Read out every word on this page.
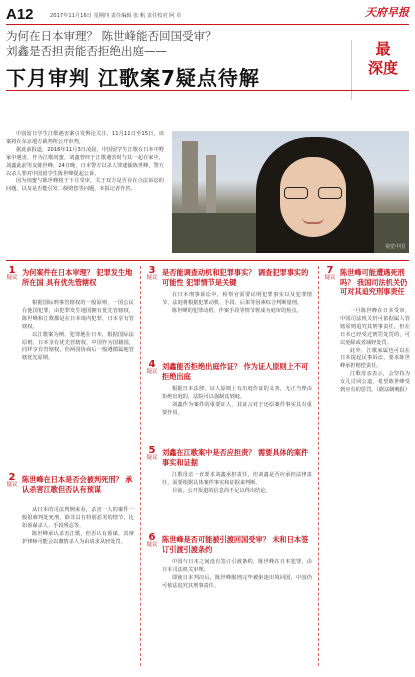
A12	2017年11月16日 星期四 责任编辑 张 帆 责任校对 阿 卓	天府早报
为何在日本审理？ 陈世峰能否回国受审？
刘鑫是否担责能否拒绝出庭——	最
深度
下月审判 江歌案7疑点待解

中国留日学生江歌遇害案引发舆论关注，11月11日至15日，该案将在东京地方裁判所公开审判。

据此前报道，2016年11月3日凌晨，中国留学生江歌在日本中野家中遇害，作为江歌闺蜜，刘鑫曾经于江歌遇害时与其一起在家中，刘鑫此前男友陈世峰，24日晚，日本警方以杀人罪逮捕陈世峰，警方以杀人罪对中国留学生陈世峰提起公诉。

因为闺蜜与陈世峰将于下月受审，关于双方是否存在合法诉讼的问题，以及是否能引发二级赔偿等问题，本报记者作答。

视觉中国
1
疑议
为何案件在日本审理？ 犯罪发生地所在国 具有优先管辖权

根据国际刑事管辖权的一般原则，一国公民在他国犯罪，由犯罪发生地国拥有优先管辖权，陈世峰和江歌都是在日本境内犯罪，日本享有管辖权。

以江歌案为例，犯罪地在日本，根据国际法原则，日本享有优先管辖权，中国作为国籍国，同样享有管辖权，但两国协商后一般遵循属地管辖优先原则。

2
疑议
陈世峰在日本是否会被判死刑？ 承认杀害江歌但否认有预谋

从日本的司法判例来看，杀害一人的案件一般很难判处死刑，除非具有特别恶劣的情节，比如预谋杀人、手段残忍等。

陈世峰承认杀害江歌，但否认有预谋，其辩护律师可能会以激情杀人为由请求从轻处罚。

3
疑议
是否能调查动机和犯罪事实？ 调查犯罪事实的可能性 犯罪情节是关键

在日本刑事诉讼中，检察官需要证明犯罪事实以及犯罪情节，法庭将根据犯罪动机、手段、后果等因素综合判断量刑。

陈世峰的犯罪动机、作案手段等情节将成为庭审的焦点。

4
疑议
刘鑫能否拒绝出庭作证？ 作为证人原则上不可拒绝出庭

根据日本法律，证人原则上有出庭作证的义务，无正当理由拒绝出庭的，法院可以强制其到庭。

刘鑫作为案件的重要证人，其证言对于还原案件事实具有重要作用。

5
疑议
刘鑫在江歌案中是否应担责？ 需要具体的案件事实和证据

江歌母亲一直要求刘鑫承担责任，但刘鑫是否应承担法律责任，需要根据具体案件事实和证据来判断。

目前，公开报道的信息尚不足以得出结论。

6
疑议
陈世峰是否可能被引渡回国受审？ 未和日本签订引渡引渡条约

中国与日本之间没有签订引渡条约，陈世峰在日本犯罪，由日本司法机关审理。

即使日本判决后，陈世峰服刑完毕被驱逐出境回国，中国仍可依法追究其刑事责任。

7
疑议
陈世峰可能遭遇死刑吗？ 我国司法机关仍可对其追究刑事责任

一旦陈世峰在日本受审，中国司法机关仍可依据属人管辖原则追究其刑事责任，但在日本已经受过刑罚处罚的，可以免除或者减轻处罚。

此外，江歌家属也可以在日本提起民事诉讼，要求陈世峰承担赔偿责任。

江歌母亲表示，会坚持为女儿讨回公道，希望陈世峰受到应有的惩罚。（据法制晚报）
